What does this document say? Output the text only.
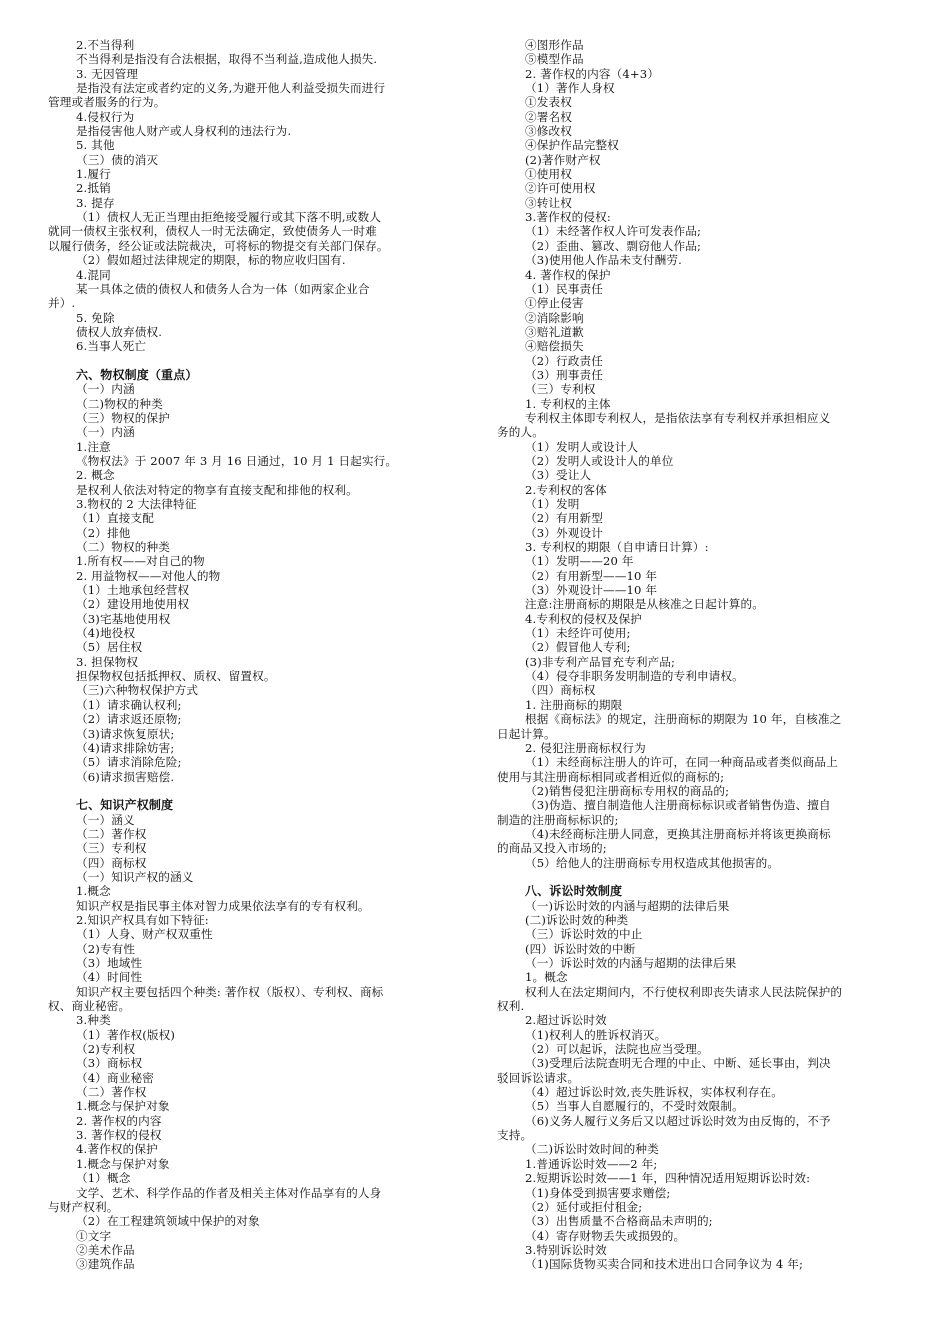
2.不当得利
不当得利是指没有合法根据，取得不当利益,造成他人损失.
3. 无因管理
是指没有法定或者约定的义务,为避开他人利益受损失而进行
管理或者服务的行为。
4.侵权行为
是指侵害他人财产或人身权利的违法行为.
5. 其他
（三）债的消灭
1.履行
2.抵销
3. 提存
（1）债权人无正当理由拒绝接受履行或其下落不明,或数人
就同一债权主张权利，债权人一时无法确定，致使债务人一时难
以履行债务，经公证或法院裁决，可将标的物提交有关部门保存。
（2）假如超过法律规定的期限，标的物应收归国有.
4.混同
某一具体之债的债权人和债务人合为一体（如两家企业合
并）.
5. 免除
债权人放弃债权.
6.当事人死亡
六、物权制度（重点）
（一）内涵
（二)物权的种类
（三）物权的保护
（一）内涵
1.注意
《物权法》于 2007 年 3 月 16 日通过，10 月 1 日起实行。
2. 概念
是权利人依法对特定的物享有直接支配和排他的权利。
3.物权的 2 大法律特征
（1）直接支配
（2）排他
（二）物权的种类
1.所有权——对自己的物
2. 用益物权——对他人的物
（1）土地承包经营权
（2）建设用地使用权
（3)宅基地使用权
（4)地役权
（5）居住权
3. 担保物权
担保物权包括抵押权、质权、留置权。
（三)六种物权保护方式
（1）请求确认权利;
（2）请求返还原物;
（3)请求恢复原状;
（4)请求排除妨害;
（5）请求消除危险;
（6)请求损害赔偿.
七、知识产权制度
（一）涵义
（二）著作权
（三）专利权
（四）商标权
（一）知识产权的涵义
1.概念
知识产权是指民事主体对智力成果依法享有的专有权利。
2.知识产权具有如下特征:
（1）人身、财产权双重性
（2)专有性
（3）地域性
（4）时间性
知识产权主要包括四个种类: 著作权（版权）、专利权、商标
权、商业秘密。
3.种类
（1）著作权(版权)
（2)专利权
（3）商标权
（4）商业秘密
（二）著作权
1.概念与保护对象
2. 著作权的内容
3. 著作权的侵权
4.著作权的保护
1.概念与保护对象
（1）概念
文学、艺术、科学作品的作者及相关主体对作品享有的人身
与财产权利。
（2）在工程建筑领域中保护的对象
①文字
②美术作品
③建筑作品
④图形作品
⑤模型作品
2. 著作权的内容（4+3）
（1）著作人身权
①发表权
②署名权
③修改权
④保护作品完整权
(2)著作财产权
①使用权
②许可使用权
③转让权
3.著作权的侵权:
（1）未经著作权人许可发表作品;
（2）歪曲、篡改、剽窃他人作品;
（3)使用他人作品未支付酬劳.
4. 著作权的保护
（1）民事责任
①停止侵害
②消除影响
③赔礼道歉
④赔偿损失
（2）行政责任
（3）刑事责任
（三）专利权
1. 专利权的主体
专利权主体即专利权人，是指依法享有专利权并承担相应义
务的人。
（1）发明人或设计人
（2）发明人或设计人的单位
（3）受让人
2.专利权的客体
（1）发明
（2）有用新型
（3）外观设计
3. 专利权的期限（自申请日计算）:
（1）发明——20 年
（2）有用新型——10 年
（3）外观设计——10 年
注意:注册商标的期限是从核准之日起计算的。
4.专利权的侵权及保护
（1）未经许可使用;
（2）假冒他人专利;
(3)非专利产品冒充专利产品;
（4）侵夺非职务发明制造的专利申请权。
（四）商标权
1. 注册商标的期限
根据《商标法》的规定，注册商标的期限为 10 年，自核准之
日起计算。
2. 侵犯注册商标权行为
（1）未经商标注册人的许可，在同一种商品或者类似商品上
使用与其注册商标相同或者相近似的商标的;
（2)销售侵犯注册商标专用权的商品的;
（3)伪造、擅自制造他人注册商标标识或者销售伪造、擅自
制造的注册商标标识的;
（4)未经商标注册人同意，更换其注册商标并将该更换商标
的商品又投入市场的;
（5）给他人的注册商标专用权造成其他损害的。
八、诉讼时效制度
（一)诉讼时效的内涵与超期的法律后果
(二)诉讼时效的种类
（三）诉讼时效的中止
(四）诉讼时效的中断
（一）诉讼时效的内涵与超期的法律后果
1。概念
权利人在法定期间内，不行使权利即丧失请求人民法院保护的
权利.
2.超过诉讼时效
（1)权利人的胜诉权消灭。
（2）可以起诉，法院也应当受理。
（3)受理后法院查明无合理的中止、中断、延长事由，判决
驳回诉讼请求。
（4）超过诉讼时效,丧失胜诉权，实体权利存在。
（5）当事人自愿履行的，不受时效限制。
（6)义务人履行义务后又以超过诉讼时效为由反悔的，不予
支持。
（二)诉讼时效时间的种类
1.普通诉讼时效——2 年;
2.短期诉讼时效——1 年，四种情况适用短期诉讼时效:
（1)身体受到损害要求赠偿;
（2）延付或拒付租金;
（3）出售质量不合格商品未声明的;
（4）寄存财物丢失或损毁的。
3.特别诉讼时效
（1)国际货物买卖合同和技术进出口合同争议为 4 年;
